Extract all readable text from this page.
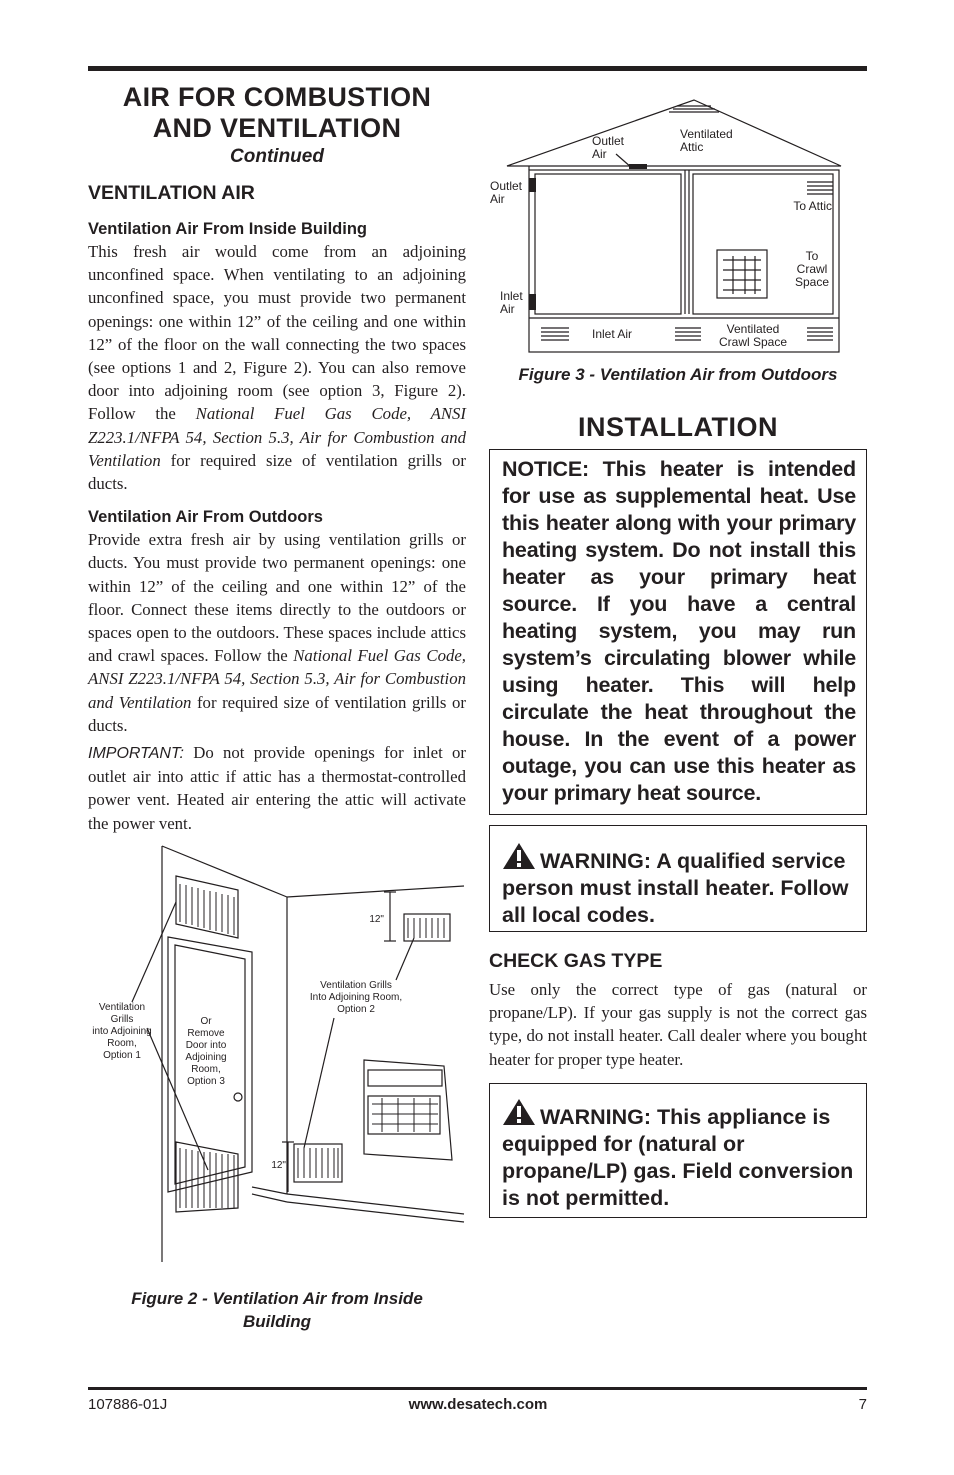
AIR FOR COMBUSTION
AND VENTILATION
Continued
VENTILATION AIR
Ventilation Air From Inside Building

This fresh air would come from an adjoining unconfined space. When ventilating to an adjoining unconfined space, you must provide two permanent openings: one within 12” of the ceiling and one within 12” of the floor on the wall connecting the two spaces (see options 1 and 2, Figure 2). You can also remove door into adjoining room (see option 3, Figure 2). Follow the National Fuel Gas Code, ANSI Z223.1/NFPA 54, Section 5.3, Air for Combustion and Ventilation for required size of ventilation grills or ducts.

Ventilation Air From Outdoors

Provide extra fresh air by using ventilation grills or ducts. You must provide two permanent openings: one within 12” of the ceiling and one within 12” of the floor. Connect these items directly to the outdoors or spaces open to the outdoors. These spaces include attics and crawl spaces. Follow the National Fuel Gas Code, ANSI Z223.1/NFPA 54, Section 5.3, Air for Combustion and Ventilation for required size of ventilation grills or ducts.

IMPORTANT: Do not provide openings for inlet or outlet air into attic if attic has a thermostat-controlled power vent. Heated air entering the attic will activate the power vent.

12"
12"
Ventilation
Grills
into Adjoining
Room,
Option 1
Or
Remove
Door into
Adjoining
Room,
Option 3
Ventilation Grills
Into Adjoining Room,
Option 2
Figure 2 - Ventilation Air from Inside
Building
Outlet
Air
Ventilated
Attic
Outlet
Air	To Attic
To
Crawl
Space
Inlet
Air
Inlet Air	Ventilated
Crawl Space
Figure 3 - Ventilation Air from Outdoors
INSTALLATION

NOTICE: This heater is intended for use as supplemental heat. Use this heater along with your primary heating system. Do not install this heater as your primary heat source. If you have a central heating system, you may run system’s circulating blower while using heater. This will help circulate the heat throughout the house. In the event of a power outage, you can use this heater as your primary heat source.

WARNING: A qualified service person must install heater. Follow all local codes.

CHECK GAS TYPE

Use only the correct type of gas (natural or propane/LP). If your gas supply is not the correct gas type, do not install heater. Call dealer where you bought heater for proper type heater.

WARNING: This appliance is equipped for (natural or propane/LP) gas. Field conversion is not permitted.

107886-01J	www.desatech.com	7
